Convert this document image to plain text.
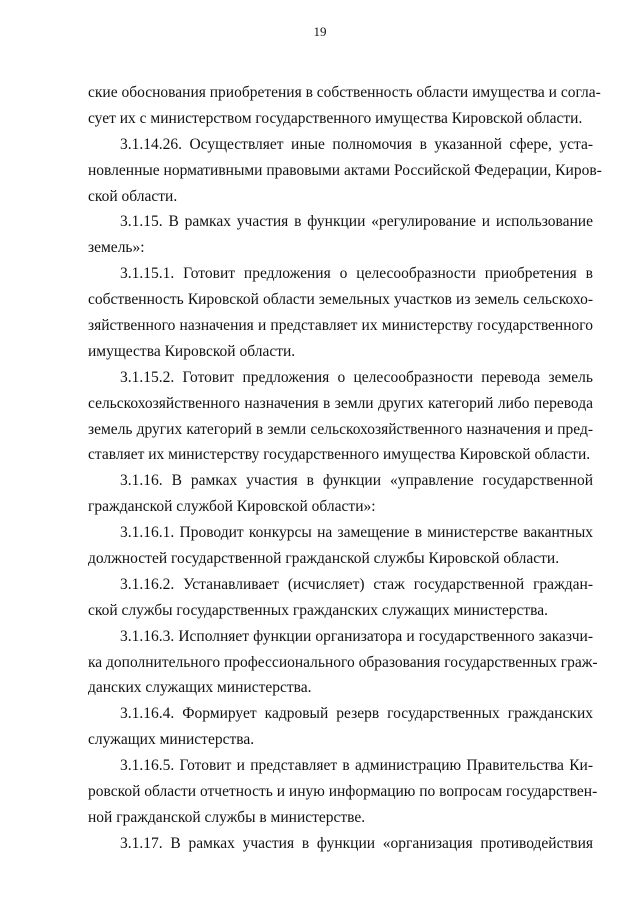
19
ские обоснования приобретения в собственность области имущества и согла-
сует их с министерством государственного имущества Кировской области.
3.1.14.26. Осуществляет иные полномочия в указанной сфере, уста-
новленные нормативными правовыми актами Российской Федерации, Киров-
ской области.
3.1.15. В рамках участия в функции «регулирование и использование
земель»:
3.1.15.1. Готовит предложения о целесообразности приобретения в
собственность Кировской области земельных участков из земель сельскохо-
зяйственного назначения и представляет их министерству государственного
имущества Кировской области.
3.1.15.2. Готовит предложения о целесообразности перевода земель
сельскохозяйственного назначения в земли других категорий либо перевода
земель других категорий в земли сельскохозяйственного назначения и пред-
ставляет их министерству государственного имущества Кировской области.
3.1.16. В рамках участия в функции «управление государственной
гражданской службой Кировской области»:
3.1.16.1. Проводит конкурсы на замещение в министерстве вакантных
должностей государственной гражданской службы Кировской области.
3.1.16.2. Устанавливает (исчисляет) стаж государственной граждан-
ской службы государственных гражданских служащих министерства.
3.1.16.3. Исполняет функции организатора и государственного заказчи-
ка дополнительного профессионального образования государственных граж-
данских служащих министерства.
3.1.16.4. Формирует кадровый резерв государственных гражданских
служащих министерства.
3.1.16.5. Готовит и представляет в администрацию Правительства Ки-
ровской области отчетность и иную информацию по вопросам государствен-
ной гражданской службы в министерстве.
3.1.17. В рамках участия в функции «организация противодействия
